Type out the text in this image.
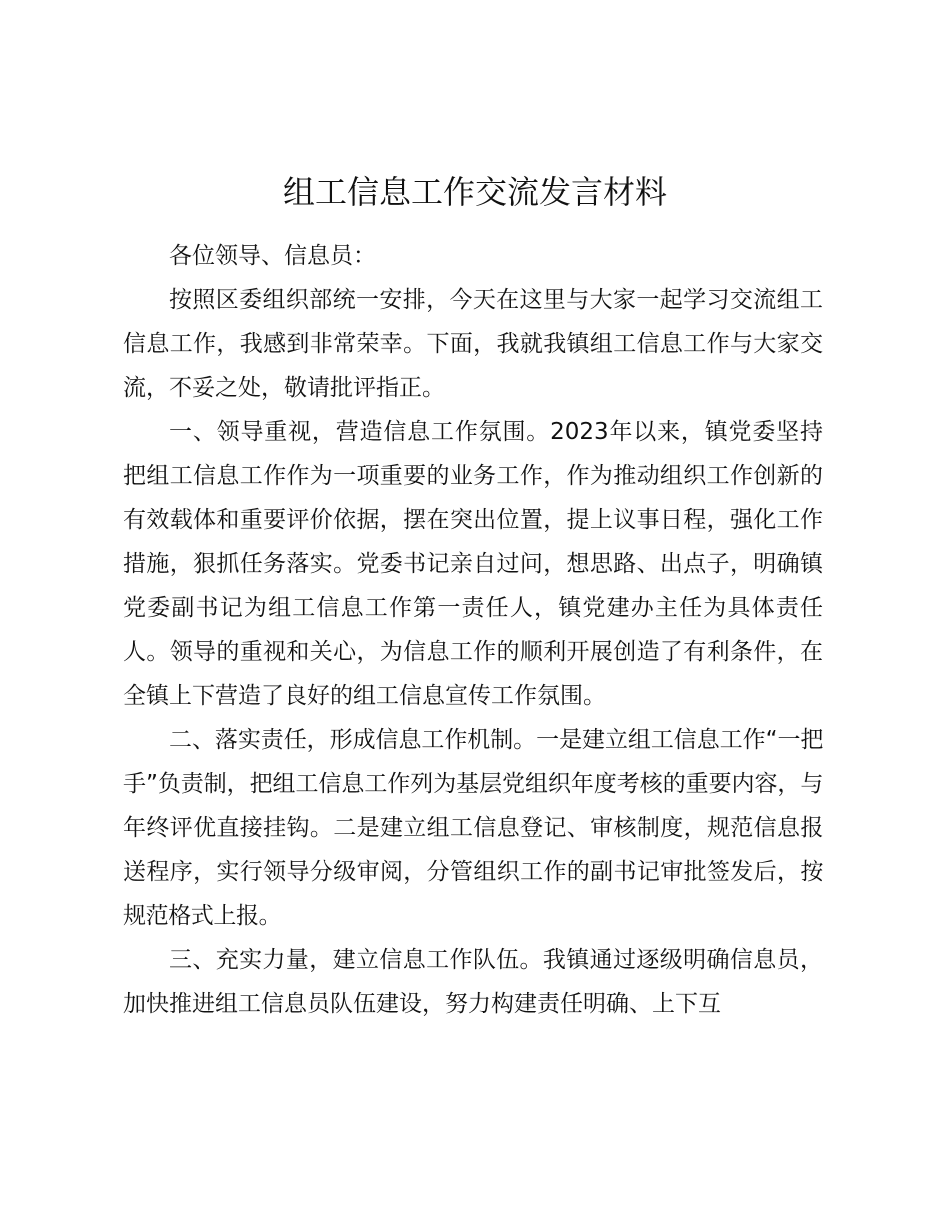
组工信息工作交流发言材料

各位领导、信息员：

按照区委组织部统一安排，今天在这里与大家一起学习交流组工信息工作，我感到非常荣幸。下面，我就我镇组工信息工作与大家交流，不妥之处，敬请批评指正。

一、领导重视，营造信息工作氛围。2023年以来，镇党委坚持把组工信息工作作为一项重要的业务工作，作为推动组织工作创新的有效载体和重要评价依据，摆在突出位置，提上议事日程，强化工作措施，狠抓任务落实。党委书记亲自过问，想思路、出点子，明确镇党委副书记为组工信息工作第一责任人，镇党建办主任为具体责任人。领导的重视和关心，为信息工作的顺利开展创造了有利条件，在全镇上下营造了良好的组工信息宣传工作氛围。

二、落实责任，形成信息工作机制。一是建立组工信息工作“一把手”负责制，把组工信息工作列为基层党组织年度考核的重要内容，与年终评优直接挂钩。二是建立组工信息登记、审核制度，规范信息报送程序，实行领导分级审阅，分管组织工作的副书记审批签发后，按规范格式上报。

三、充实力量，建立信息工作队伍。我镇通过逐级明确信息员，加快推进组工信息员队伍建设，努力构建责任明确、上下互
